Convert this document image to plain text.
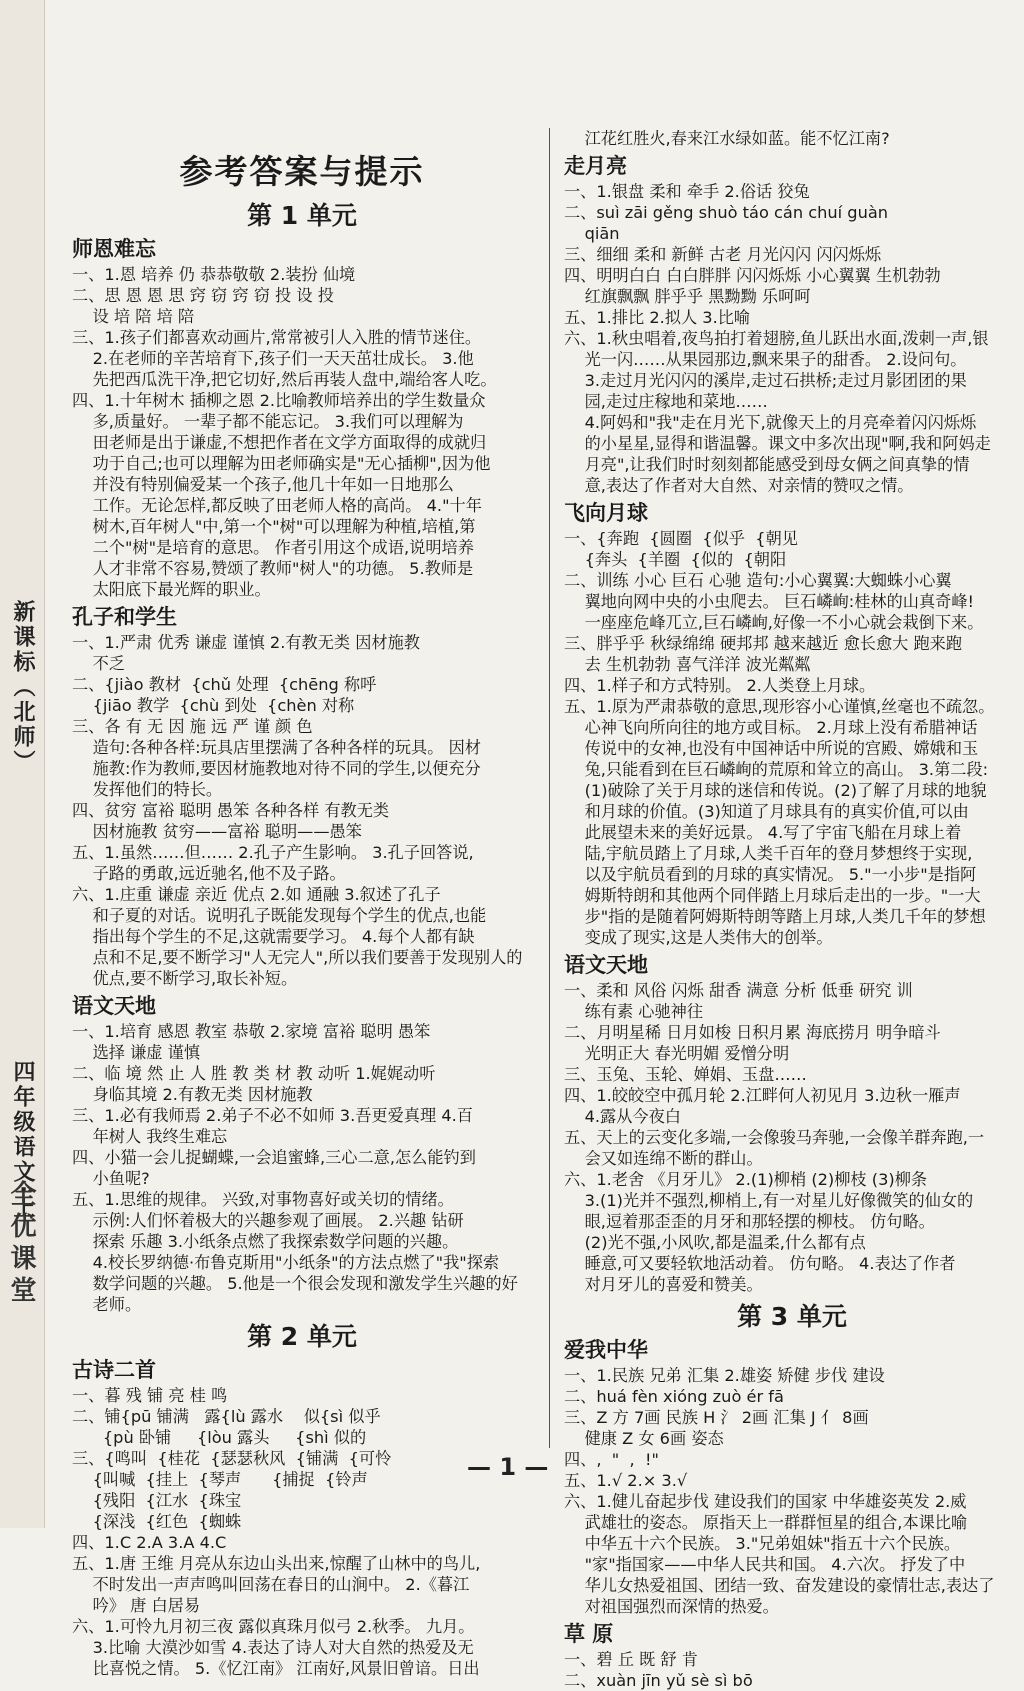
新课标（北师）
四年级语文·上
全优课堂
参考答案与提示
第 1 单元
师恩难忘
一、1.恩 培养 仍 恭恭敬敬 2.装扮 仙境
二、思 恩 恩 思 窍 窃 窍 窃 投 设 投
设 培 陪 培 陪
三、1.孩子们都喜欢动画片,常常被引人入胜的情节迷住。
2.在老师的辛苦培育下,孩子们一天天茁壮成长。 3.他
先把西瓜洗干净,把它切好,然后再装人盘中,端给客人吃。
四、1.十年树木 插柳之恩 2.比喻教师培养出的学生数量众
多,质量好。 一辈子都不能忘记。 3.我们可以理解为
田老师是出于谦虚,不想把作者在文学方面取得的成就归
功于自己;也可以理解为田老师确实是"无心插柳",因为他
并没有特别偏爱某一个孩子,他几十年如一日地那么
工作。无论怎样,都反映了田老师人格的高尚。 4."十年
树木,百年树人"中,第一个"树"可以理解为种植,培植,第
二个"树"是培育的意思。 作者引用这个成语,说明培养
人才非常不容易,赞颂了教师"树人"的功德。 5.教师是
太阳底下最光辉的职业。
孔子和学生
一、1.严肃 优秀 谦虚 谨慎 2.有教无类 因材施教
不乏
二、{jiào 教材  {chǔ 处理  {chēng 称呼
{jiāo 教学  {chù 到处  {chèn 对称
三、各 有 无 因 施 远 严 谨 颜 色
造句:各种各样:玩具店里摆满了各种各样的玩具。 因材
施教:作为教师,要因材施教地对待不同的学生,以便充分
发挥他们的特长。
四、贫穷 富裕 聪明 愚笨 各种各样 有教无类
因材施教 贫穷——富裕 聪明——愚笨
五、1.虽然……但…… 2.孔子产生影响。 3.孔子回答说,
子路的勇敢,远近驰名,他不及子路。
六、1.庄重 谦虚 亲近 优点 2.如 通融 3.叙述了孔子
和子夏的对话。说明孔子既能发现每个学生的优点,也能
指出每个学生的不足,这就需要学习。 4.每个人都有缺
点和不足,要不断学习"人无完人",所以我们要善于发现别人的
优点,要不断学习,取长补短。
语文天地
一、1.培育 感恩 教室 恭敬 2.家境 富裕 聪明 愚笨
选择 谦虚 谨慎
二、临 境 然 止 人 胜 教 类 材 教 动听 1.娓娓动听
身临其境 2.有教无类 因材施教
三、1.必有我师焉 2.弟子不必不如师 3.吾更爱真理 4.百
年树人 我终生难忘
四、小猫一会儿捉蝴蝶,一会追蜜蜂,三心二意,怎么能钓到
小鱼呢?
五、1.思维的规律。 兴致,对事物喜好或关切的情绪。
示例:人们怀着极大的兴趣参观了画展。 2.兴趣 钻研
探索 乐趣 3.小纸条点燃了我探索数学问题的兴趣。
4.校长罗纳德·布鲁克斯用"小纸条"的方法点燃了"我"探索
数学问题的兴趣。 5.他是一个很会发现和激发学生兴趣的好
老师。
第 2 单元
古诗二首
一、暮 残 铺 亮 桂 鸣
二、铺{pū 铺满   露{lù 露水    似{sì 似乎
{pù 卧铺     {lòu 露头     {shì 似的
三、{鸣叫  {桂花  {瑟瑟秋风  {铺满  {可怜
{叫喊  {挂上  {琴声      {捕捉  {铃声
{残阳  {江水  {珠宝
{深浅  {红色  {蜘蛛
四、1.C 2.A 3.A 4.C
五、1.唐 王维 月亮从东边山头出来,惊醒了山林中的鸟儿,
不时发出一声声鸣叫回荡在春日的山涧中。 2.《暮江
吟》 唐 白居易
六、1.可怜九月初三夜 露似真珠月似弓 2.秋季。 九月。
3.比喻 大漠沙如雪 4.表达了诗人对大自然的热爱及无
比喜悦之情。 5.《忆江南》 江南好,风景旧曾谙。日出
江花红胜火,春来江水绿如蓝。能不忆江南?
走月亮
一、1.银盘 柔和 牵手 2.俗话 狡兔
二、suì zāi gěng shuò táo cán chuí guàn
qiān
三、细细 柔和 新鲜 古老 月光闪闪 闪闪烁烁
四、明明白白 白白胖胖 闪闪烁烁 小心翼翼 生机勃勃
红旗飘飘 胖乎乎 黑黝黝 乐呵呵
五、1.排比 2.拟人 3.比喻
六、1.秋虫唱着,夜鸟拍打着翅膀,鱼儿跃出水面,泼刺一声,银
光一闪……从果园那边,飘来果子的甜香。 2.设问句。
3.走过月光闪闪的溪岸,走过石拱桥;走过月影团团的果
园,走过庄稼地和菜地……
4.阿妈和"我"走在月光下,就像天上的月亮牵着闪闪烁烁
的小星星,显得和谐温馨。课文中多次出现"啊,我和阿妈走
月亮",让我们时时刻刻都能感受到母女俩之间真挚的情
意,表达了作者对大自然、对亲情的赞叹之情。
飞向月球
一、{奔跑  {圆圈  {似乎  {朝见
{奔头  {羊圈  {似的  {朝阳
二、训练 小心 巨石 心驰 造句:小心翼翼:大蜘蛛小心翼
翼地向网中央的小虫爬去。 巨石嶙峋:桂林的山真奇峰!
一座座危峰兀立,巨石嶙峋,好像一不小心就会栽倒下来。
三、胖乎乎 秋绿绵绵 硬邦邦 越来越近 愈长愈大 跑来跑
去 生机勃勃 喜气洋洋 波光粼粼
四、1.样子和方式特别。 2.人类登上月球。
五、1.原为严肃恭敬的意思,现形容小心谨慎,丝毫也不疏忽。
心神飞向所向往的地方或目标。 2.月球上没有希腊神话
传说中的女神,也没有中国神话中所说的宫殿、嫦娥和玉
兔,只能看到在巨石嶙峋的荒原和耸立的高山。 3.第二段:
(1)破除了关于月球的迷信和传说。(2)了解了月球的地貌
和月球的价值。(3)知道了月球具有的真实价值,可以由
此展望未来的美好远景。 4.写了宇宙飞船在月球上着
陆,宇航员踏上了月球,人类千百年的登月梦想终于实现,
以及宇航员看到的月球的真实情况。 5."一小步"是指阿
姆斯特朗和其他两个同伴踏上月球后走出的一步。"一大
步"指的是随着阿姆斯特朗等踏上月球,人类几千年的梦想
变成了现实,这是人类伟大的创举。
语文天地
一、柔和 风俗 闪烁 甜香 满意 分析 低垂 研究 训
练有素 心驰神往
二、月明星稀 日月如梭 日积月累 海底捞月 明争暗斗
光明正大 春光明媚 爱憎分明
三、玉兔、玉轮、婵娟、玉盘……
四、1.皎皎空中孤月轮 2.江畔何人初见月 3.边秋一雁声
4.露从今夜白
五、天上的云变化多端,一会像骏马奔驰,一会像羊群奔跑,一
会又如连绵不断的群山。
六、1.老舍 《月牙儿》 2.(1)柳梢 (2)柳枝 (3)柳条
3.(1)光并不强烈,柳梢上,有一对星儿好像微笑的仙女的
眼,逗着那歪歪的月牙和那轻摆的柳枝。 仿句略。
(2)光不强,小风吹,都是温柔,什么都有点
睡意,可又要轻软地活动着。 仿句略。 4.表达了作者
对月牙儿的喜爱和赞美。
第 3 单元
爱我中华
一、1.民族 兄弟 汇集 2.雄姿 矫健 步伐 建设
二、huá fèn xióng zuò ér fā
三、Z 方 7画 民族 H 氵 2画 汇集 J 亻 8画
健康 Z 女 6画 姿态
四、,  "  ,  !"
五、1.√ 2.× 3.√
六、1.健儿奋起步伐 建设我们的国家 中华雄姿英发 2.威
武雄壮的姿态。 原指天上一群群恒星的组合,本课比喻
中华五十六个民族。 3."兄弟姐妹"指五十六个民族。
"家"指国家——中华人民共和国。 4.六次。 抒发了中
华儿女热爱祖国、团结一致、奋发建设的豪情壮志,表达了
对祖国强烈而深情的热爱。
草 原
一、碧 丘 既 舒 肯
二、xuàn jīn yǔ sè sì bō
— 1 —
